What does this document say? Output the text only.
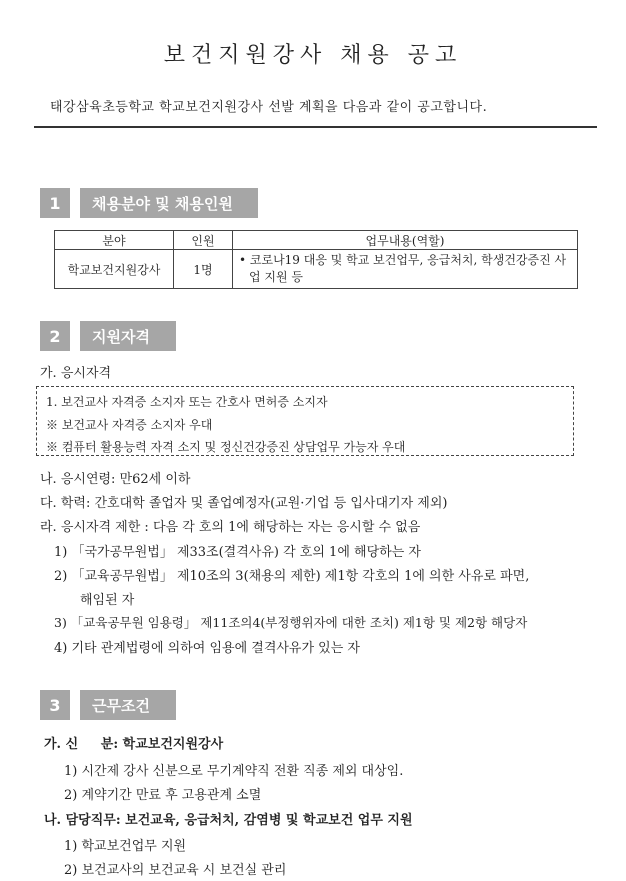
보건지원강사 채용 공고
태강삼육초등학교 학교보건지원강사 선발 계획을 다음과 같이 공고합니다.
1	채용분야 및 채용인원
분야	인원	업무내용(역할)
학교보건지원강사	1명	• 코로나19 대응 및 학교 보건업무, 응급처치, 학생건강증진 사
업 지원 등
2	지원자격
가. 응시자격
1. 보건교사 자격증 소지자 또는 간호사 면허증 소지자
※ 보건교사 자격증 소지자 우대
※ 컴퓨터 활용능력 자격 소지 및 정신건강증진 상담업무 가능자 우대
나. 응시연령: 만62세 이하
다. 학력: 간호대학 졸업자 및 졸업예정자(교원·기업 등 입사대기자 제외)
라. 응시자격 제한 : 다음 각 호의 1에 해당하는 자는 응시할 수 없음
1) 「국가공무원법」 제33조(결격사유) 각 호의 1에 해당하는 자
2) 「교육공무원법」 제10조의 3(채용의 제한) 제1항 각호의 1에 의한 사유로 파면,
해임된 자
3) 「교육공무원 임용령」 제11조의4(부정행위자에 대한 조치) 제1항 및 제2항 해당자
4) 기타 관계법령에 의하여 임용에 결격사유가 있는 자
3	근무조건
가. 신     분: 학교보건지원강사
1) 시간제 강사 신분으로 무기계약직 전환 직종 제외 대상임.
2) 계약기간 만료 후 고용관계 소멸
나. 담당직무: 보건교육, 응급처치, 감염병 및 학교보건 업무 지원
1) 학교보건업무 지원
2) 보건교사의 보건교육 시 보건실 관리
